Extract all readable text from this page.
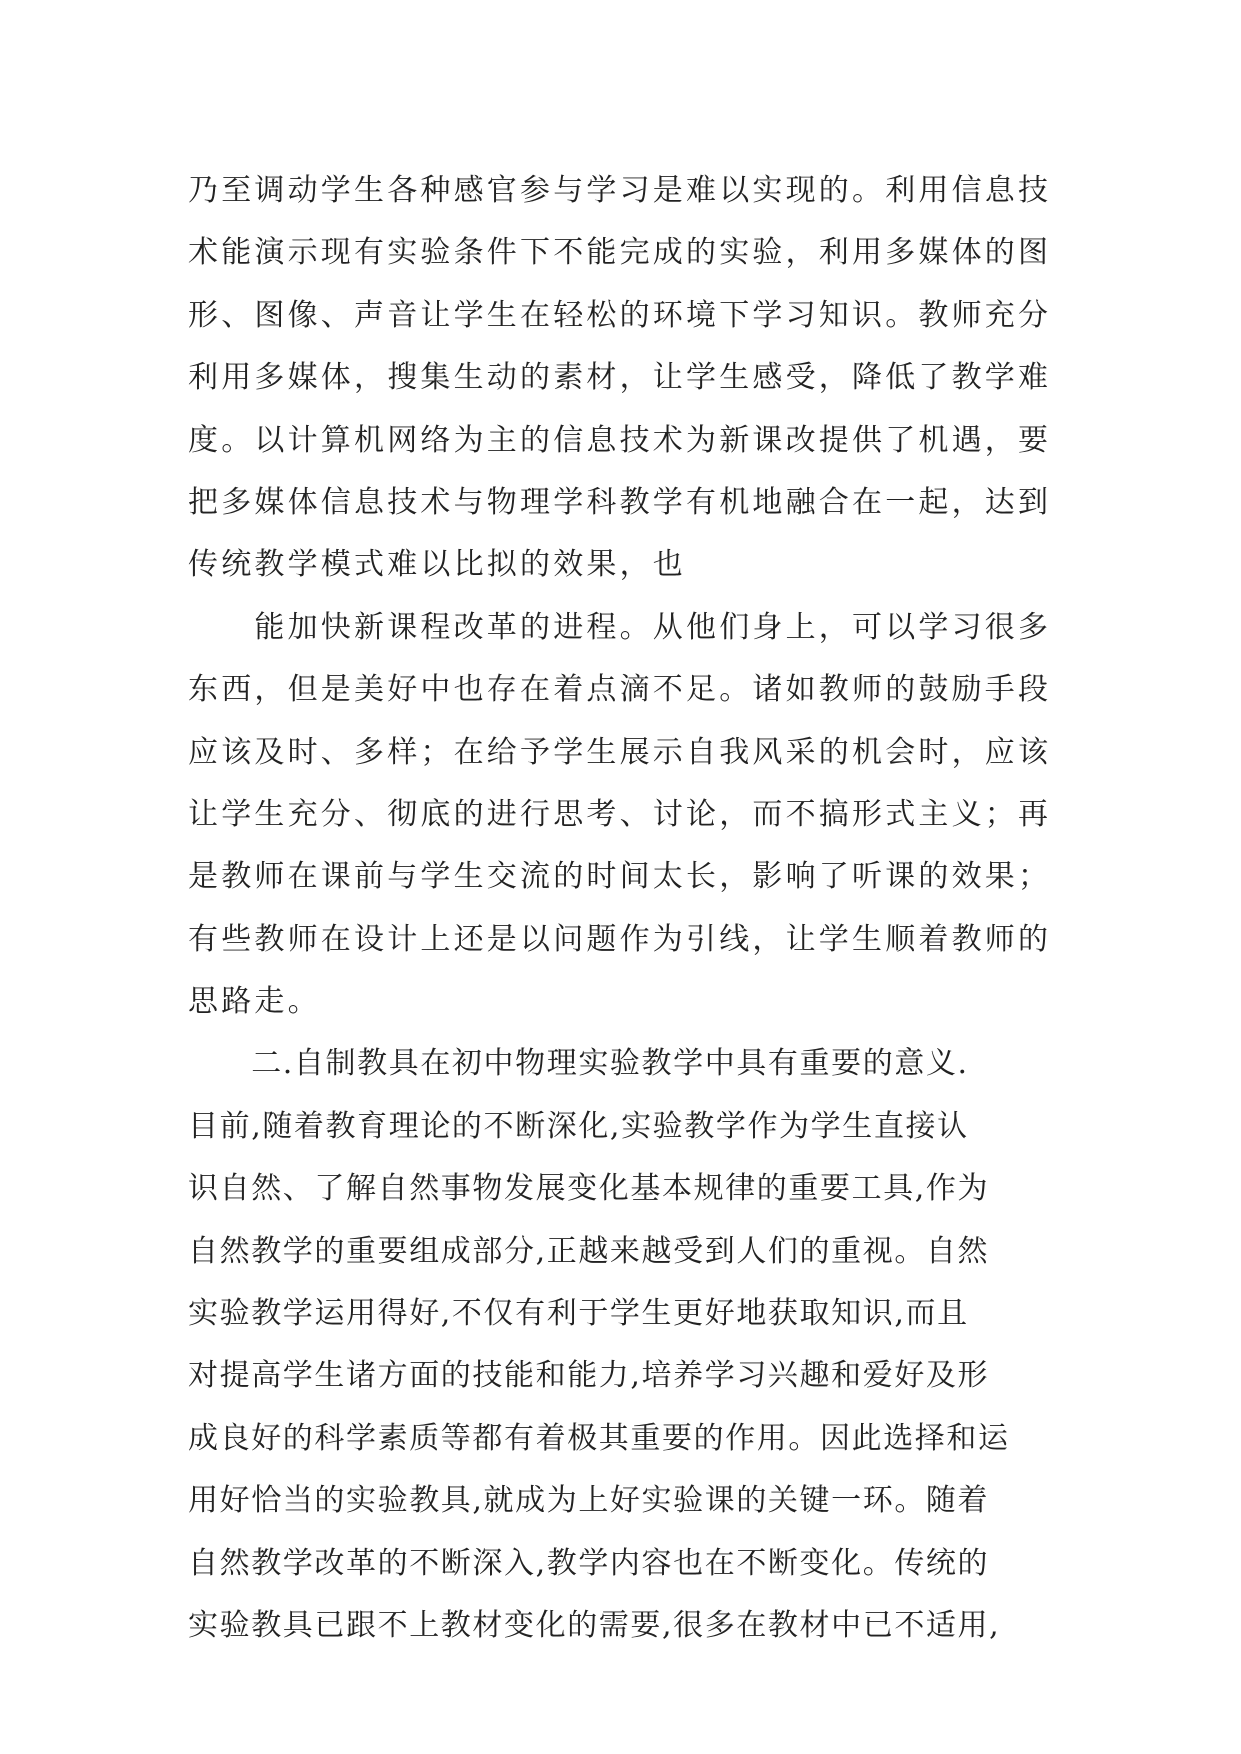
乃至调动学生各种感官参与学习是难以实现的。利用信息技
术能演示现有实验条件下不能完成的实验，利用多媒体的图
形、图像、声音让学生在轻松的环境下学习知识。教师充分
利用多媒体，搜集生动的素材，让学生感受，降低了教学难
度。以计算机网络为主的信息技术为新课改提供了机遇，要
把多媒体信息技术与物理学科教学有机地融合在一起，达到
传统教学模式难以比拟的效果，也
　　能加快新课程改革的进程。从他们身上，可以学习很多
东西，但是美好中也存在着点滴不足。诸如教师的鼓励手段
应该及时、多样；在给予学生展示自我风采的机会时，应该
让学生充分、彻底的进行思考、讨论，而不搞形式主义；再
是教师在课前与学生交流的时间太长，影响了听课的效果；
有些教师在设计上还是以问题作为引线，让学生顺着教师的
思路走。
　　二.自制教具在初中物理实验教学中具有重要的意义.
目前,随着教育理论的不断深化,实验教学作为学生直接认
识自然、了解自然事物发展变化基本规律的重要工具,作为
自然教学的重要组成部分,正越来越受到人们的重视。自然
实验教学运用得好,不仅有利于学生更好地获取知识,而且
对提高学生诸方面的技能和能力,培养学习兴趣和爱好及形
成良好的科学素质等都有着极其重要的作用。因此选择和运
用好恰当的实验教具,就成为上好实验课的关键一环。随着
自然教学改革的不断深入,教学内容也在不断变化。传统的
实验教具已跟不上教材变化的需要,很多在教材中已不适用,
